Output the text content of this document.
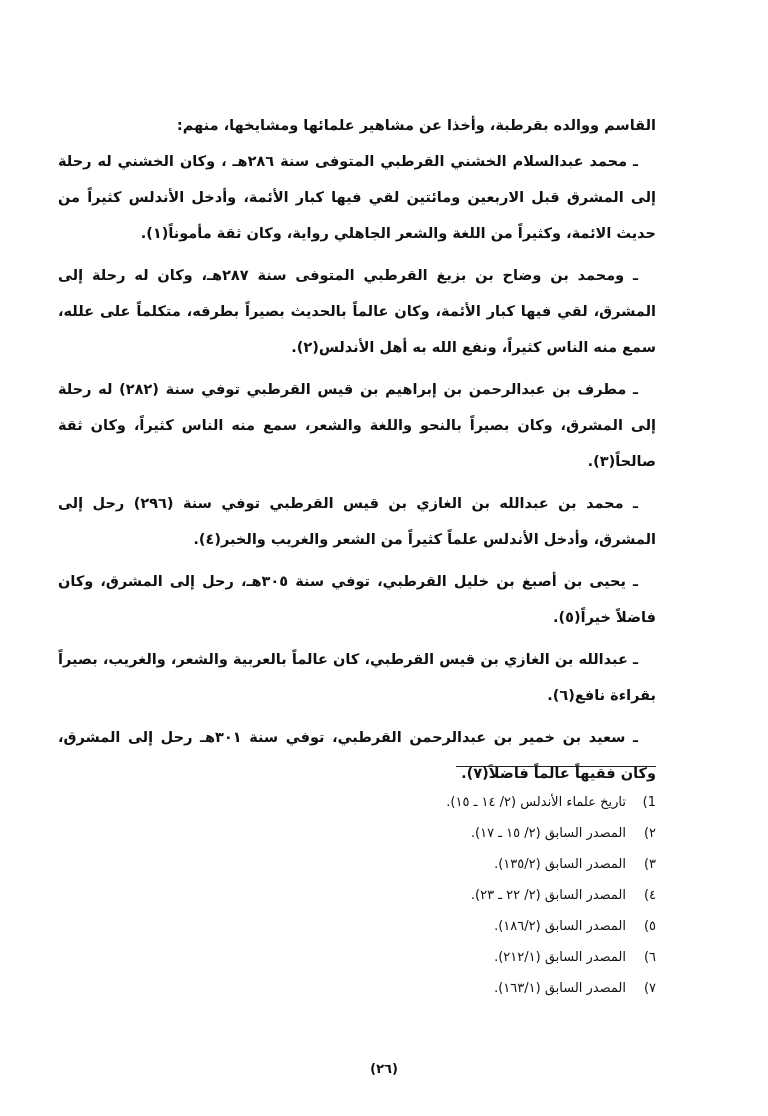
القاسم ووالده بقرطبة، وأخذا عن مشاهير علمائها ومشايخها، منهم:

ـ محمد عبدالسلام الخشني القرطبي المتوفى سنة ٢٨٦هـ ، وكان الخشني له رحلة إلى المشرق قبل الاربعين ومائتين لقي فيها كبار الأئمة، وأدخل الأندلس كثيراً من حديث الائمة، وكثيراً من اللغة والشعر الجاهلي رواية، وكان ثقة مأموناً(١).

ـ ومحمد بن وضاح بن بزيغ القرطبي المتوفى سنة ٢٨٧هـ، وكان له رحلة إلى المشرق، لقي فيها كبار الأئمة، وكان عالماً بالحديث بصيراً بطرقه، متكلماً على علله، سمع منه الناس كثيراً، ونفع الله به أهل الأندلس(٢).

ـ مطرف بن عبدالرحمن بن إبراهيم بن قيس القرطبي توفي سنة (٢٨٢) له رحلة إلى المشرق، وكان بصيراً بالنحو واللغة والشعر، سمع منه الناس كثيراً، وكان ثقة صالحاً(٣).

ـ محمد بن عبدالله بن الغازي بن قيس القرطبي توفي سنة (٢٩٦) رحل إلى المشرق، وأدخل الأندلس علماً كثيراً من الشعر والغريب والخبر(٤).

ـ يحيى بن أصبغ بن خليل القرطبي، توفي سنة ٣٠٥هـ، رحل إلى المشرق، وكان فاضلاً خيراً(٥).

ـ عبدالله بن الغازي بن قيس القرطبي، كان عالماً بالعربية والشعر، والغريب، بصيراً بقراءة نافع(٦).

ـ سعيد بن خمير بن عبدالرحمن القرطبي، توفي سنة ٣٠١هـ رحل إلى المشرق، وكان فقيهاً عالماً فاضلاً(٧).

1)
تاريخ علماء الأندلس (٢/ ١٤ ـ ١٥).
٢)
المصدر السابق (٢/ ١٥ ـ ١٧).
٣)
المصدر السابق (١٣٥/٢).
٤)
المصدر السابق (٢/ ٢٢ ـ ٢٣).
٥)
المصدر السابق (١٨٦/٢).
٦)
المصدر السابق (٢١٢/١).
٧)
المصدر السابق (١٦٣/١).
(٢٦)
